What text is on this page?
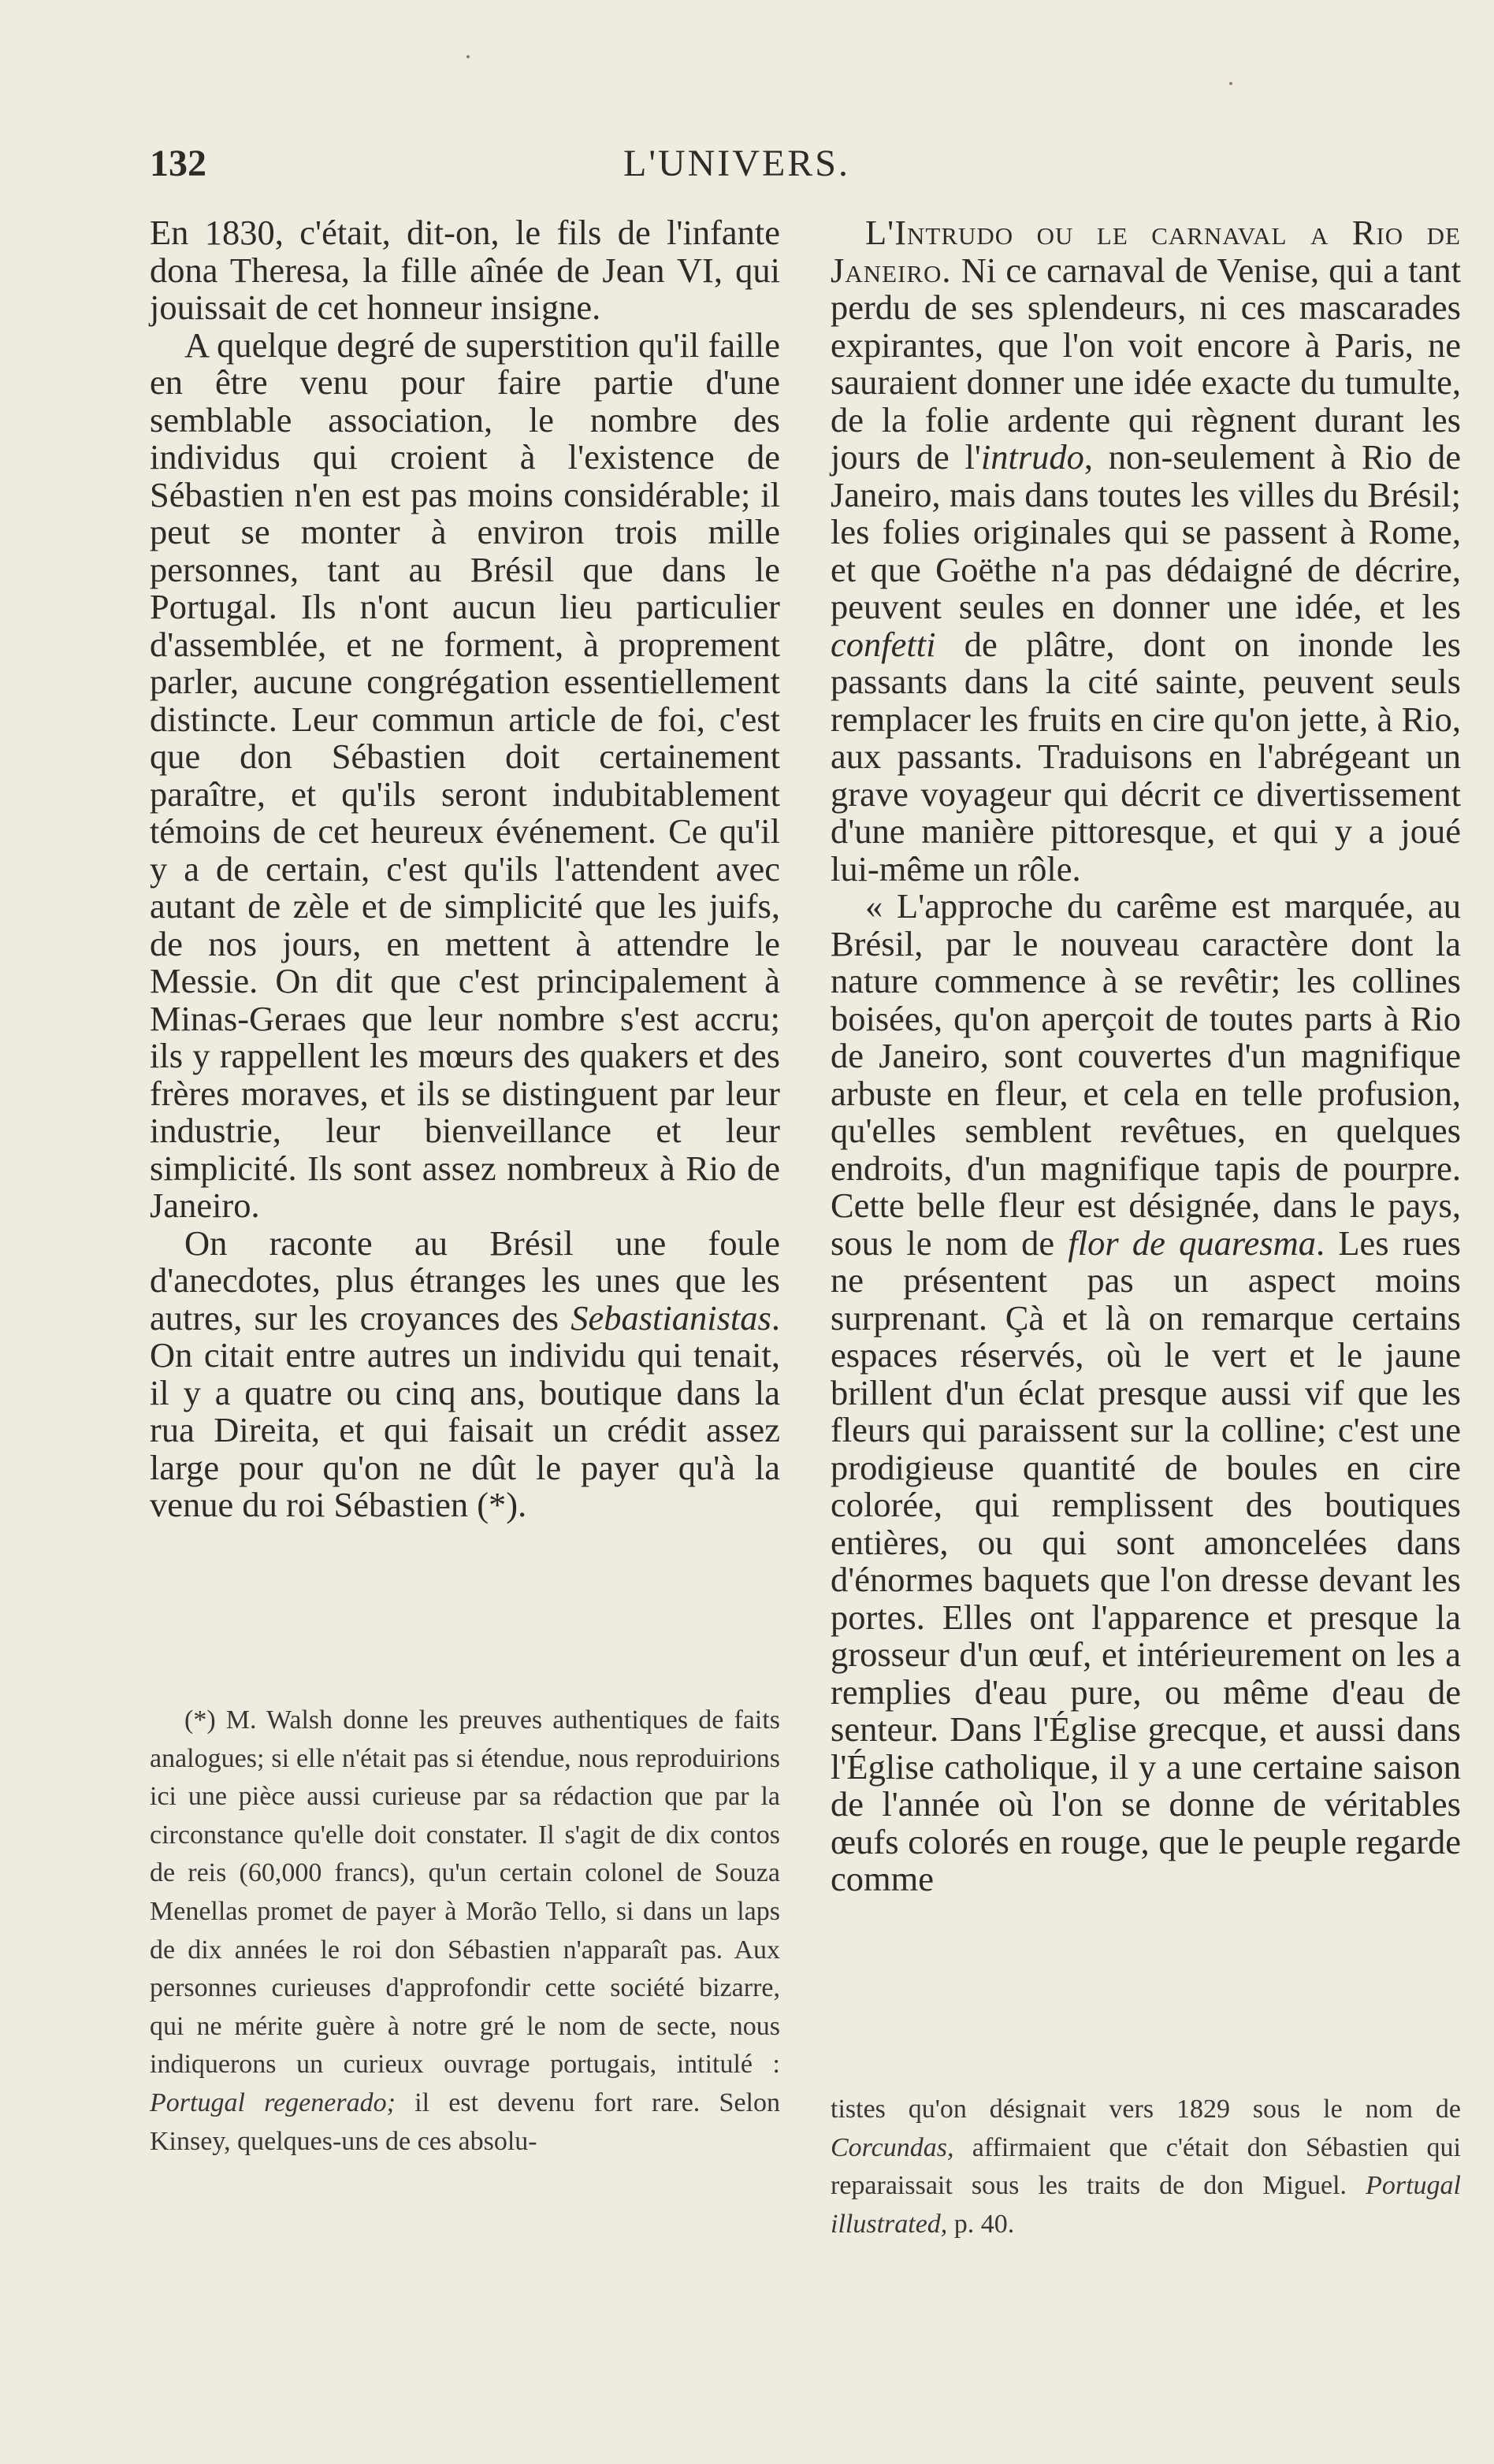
132	L'UNIVERS.

En 1830, c'était, dit-on, le fils de l'infante dona Theresa, la fille aînée de Jean VI, qui jouissait de cet honneur insigne.

A quelque degré de superstition qu'il faille en être venu pour faire partie d'une semblable association, le nombre des individus qui croient à l'existence de Sébastien n'en est pas moins considérable; il peut se monter à environ trois mille personnes, tant au Brésil que dans le Portugal. Ils n'ont aucun lieu particulier d'assemblée, et ne forment, à proprement parler, aucune congrégation essentiellement distincte. Leur commun article de foi, c'est que don Sébastien doit certainement paraître, et qu'ils seront indubitablement témoins de cet heureux événement. Ce qu'il y a de certain, c'est qu'ils l'attendent avec autant de zèle et de simplicité que les juifs, de nos jours, en mettent à attendre le Messie. On dit que c'est principalement à Minas-Geraes que leur nombre s'est accru; ils y rappellent les mœurs des quakers et des frères moraves, et ils se distinguent par leur industrie, leur bienveillance et leur simplicité. Ils sont assez nombreux à Rio de Janeiro.

On raconte au Brésil une foule d'anecdotes, plus étranges les unes que les autres, sur les croyances des Sebastianistas. On citait entre autres un individu qui tenait, il y a quatre ou cinq ans, boutique dans la rua Direita, et qui faisait un crédit assez large pour qu'on ne dût le payer qu'à la venue du roi Sébastien (*).

(*) M. Walsh donne les preuves authentiques de faits analogues; si elle n'était pas si étendue, nous reproduirions ici une pièce aussi curieuse par sa rédaction que par la circonstance qu'elle doit constater. Il s'agit de dix contos de reis (60,000 francs), qu'un certain colonel de Souza Menellas promet de payer à Morão Tello, si dans un laps de dix années le roi don Sébastien n'apparaît pas. Aux personnes curieuses d'approfondir cette société bizarre, qui ne mérite guère à notre gré le nom de secte, nous indiquerons un curieux ouvrage portugais, intitulé : Portugal regenerado; il est devenu fort rare. Selon Kinsey, quelques-uns de ces absolu-

L'Intrudo ou le carnaval a Rio de Janeiro. Ni ce carnaval de Venise, qui a tant perdu de ses splendeurs, ni ces mascarades expirantes, que l'on voit encore à Paris, ne sauraient donner une idée exacte du tumulte, de la folie ardente qui règnent durant les jours de l'intrudo, non-seulement à Rio de Janeiro, mais dans toutes les villes du Brésil; les folies originales qui se passent à Rome, et que Goëthe n'a pas dédaigné de décrire, peuvent seules en donner une idée, et les confetti de plâtre, dont on inonde les passants dans la cité sainte, peuvent seuls remplacer les fruits en cire qu'on jette, à Rio, aux passants. Traduisons en l'abrégeant un grave voyageur qui décrit ce divertissement d'une manière pittoresque, et qui y a joué lui-même un rôle.

« L'approche du carême est marquée, au Brésil, par le nouveau caractère dont la nature commence à se revêtir; les collines boisées, qu'on aperçoit de toutes parts à Rio de Janeiro, sont couvertes d'un magnifique arbuste en fleur, et cela en telle profusion, qu'elles semblent revêtues, en quelques endroits, d'un magnifique tapis de pourpre. Cette belle fleur est désignée, dans le pays, sous le nom de flor de quaresma. Les rues ne présentent pas un aspect moins surprenant. Çà et là on remarque certains espaces réservés, où le vert et le jaune brillent d'un éclat presque aussi vif que les fleurs qui paraissent sur la colline; c'est une prodigieuse quantité de boules en cire colorée, qui remplissent des boutiques entières, ou qui sont amoncelées dans d'énormes baquets que l'on dresse devant les portes. Elles ont l'apparence et presque la grosseur d'un œuf, et intérieurement on les a remplies d'eau pure, ou même d'eau de senteur. Dans l'Église grecque, et aussi dans l'Église catholique, il y a une certaine saison de l'année où l'on se donne de véritables œufs colorés en rouge, que le peuple regarde comme

tistes qu'on désignait vers 1829 sous le nom de Corcundas, affirmaient que c'était don Sébastien qui reparaissait sous les traits de don Miguel. Portugal illustrated, p. 40.
